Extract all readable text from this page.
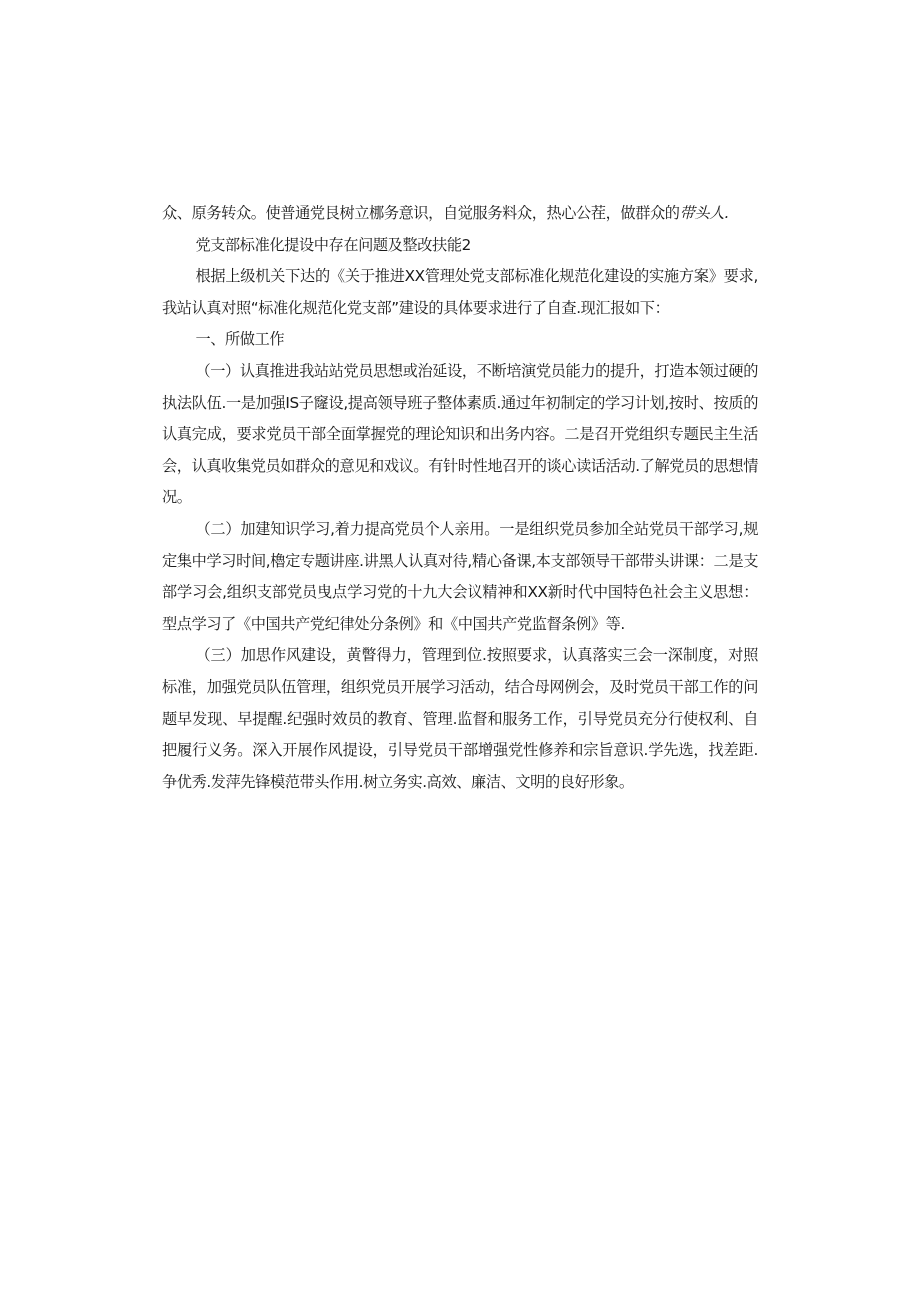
众、原务转众。使普通党艮树立梛务意识，自觉服务料众，热心公茬，做群众的带头人.

党支部标准化提设中存在问题及整改扶能2

根据上级机关下达的《关于推进XX管理处党支部标准化规范化建设的实施方案》要求,我站认真对照“标准化规范化党支部”建设的具体要求进行了自查.现汇报如下：

一、所做工作

（一）认真推进我站站党员思想或治延设，不断培演党员能力的提升，打造本领过硬的执法队伍.一是加强IS子窿设,提高领导班子整体素质.通过年初制定的学习计划,按时、按质的认真完成，要求党员干部全面掌握党的理论知识和出务内容。二是召开党组织专题民主生活会，认真收集党员如群众的意见和戏议。有针时性地召开的谈心读话活动.了解党员的思想情况。

（二）加建知识学习,着力提高党员个人亲用。一是组织党员参加全站党员干部学习,规定集中学习时间,櫓定专题讲座.讲黑人认真对待,精心备课,本支部领导干部带头讲课：二是支部学习会,组织支部党员曳点学习党的十九大会议精神和XX新时代中国特色社会主义思想：型点学习了《中国共产党纪律处分条例》和《中国共产党监督条例》等.

（三）加思作风建设，黄瞥得力，管理到位.按照要求，认真落实三会一深制度，对照标准，加强党员队伍管理，组织党员开展学习活动，结合母网例会，及时党员干部工作的问题早发现、早提醒.纪强时效员的教育、管理.监督和服务工作，引导党员充分行使权利、自把履行义务。深入开展作风提设，引导党员干部增强党性修养和宗旨意识.学先选，找差距.争优秀.发萍先锋模范带头作用.树立务实.高效、廉洁、文明的良好形象。
